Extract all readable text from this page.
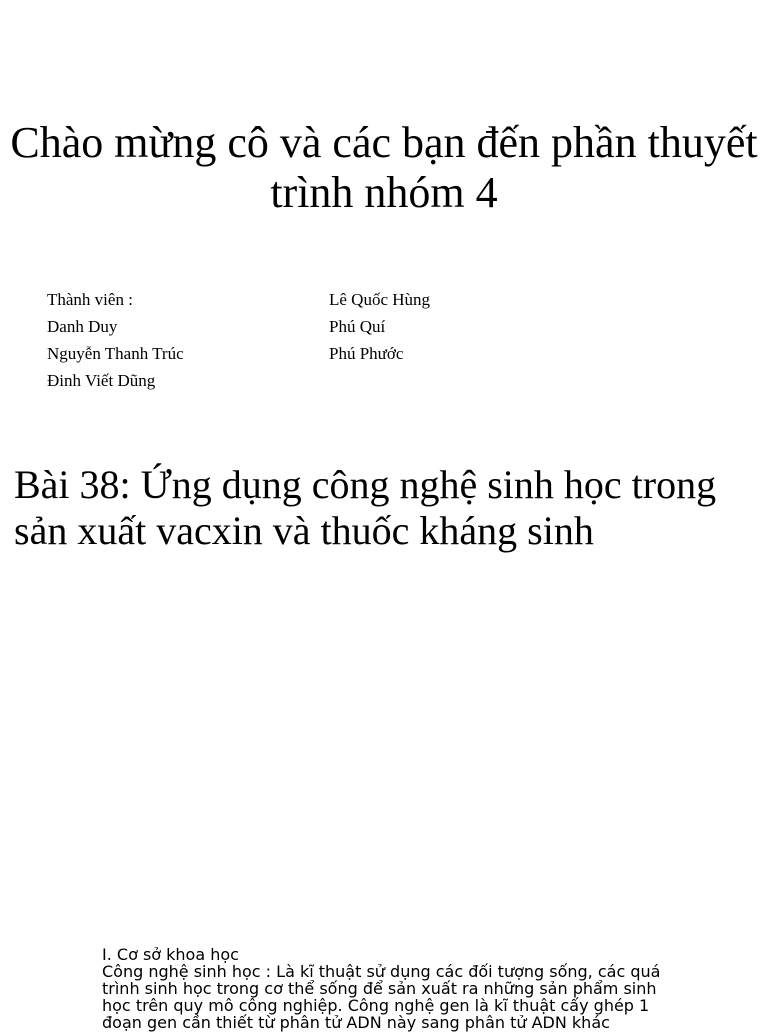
Chào mừng cô và các bạn đến phần thuyết trình nhóm 4
Thành viên :
Danh Duy
Nguyễn Thanh Trúc
Đinh Viết Dũng
Lê Quốc Hùng
Phú Quí
Phú Phước
Bài 38: Ứng dụng công nghệ sinh học trong sản xuất vacxin và thuốc kháng sinh
I. Cơ sở khoa học
Công nghệ sinh học : Là kĩ thuật sử dụng các đối tượng sống, các quá trình sinh học trong cơ thể sống để sản xuất ra những sản phẩm sinh học trên quy mô công nghiệp. Công nghệ gen là kĩ thuật cấy ghép 1 đoạn gen cần thiết từ phân tử ADN này sang phân tử ADN khác
